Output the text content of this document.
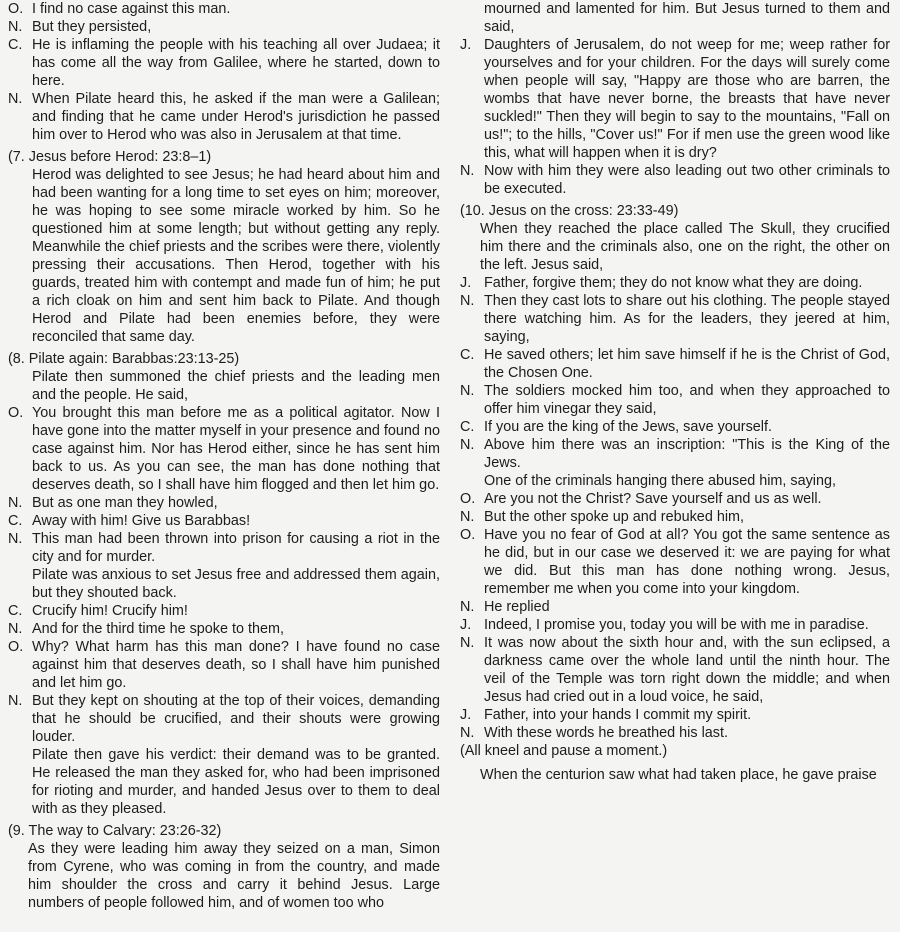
O. I find no case against this man.
N. But they persisted,
C. He is inflaming the people with his teaching all over Judaea; it has come all the way from Galilee, where he started, down to here.
N. When Pilate heard this, he asked if the man were a Galilean; and finding that he came under Herod's jurisdiction he passed him over to Herod who was also in Jerusalem at that time.
(7. Jesus before Herod: 23:8–1)
Herod was delighted to see Jesus; he had heard about him and had been wanting for a long time to set eyes on him; moreover, he was hoping to see some miracle worked by him. So he questioned him at some length; but without getting any reply. Meanwhile the chief priests and the scribes were there, violently pressing their accusations. Then Herod, together with his guards, treated him with contempt and made fun of him; he put a rich cloak on him and sent him back to Pilate. And though Herod and Pilate had been enemies before, they were reconciled that same day.
(8. Pilate again: Barabbas:23:13-25)
Pilate then summoned the chief priests and the leading men and the people. He said,
O. You brought this man before me as a political agitator. Now I have gone into the matter myself in your presence and found no case against him. Nor has Herod either, since he has sent him back to us. As you can see, the man has done nothing that deserves death, so I shall have him flogged and then let him go.
N. But as one man they howled,
C. Away with him! Give us Barabbas!
N. This man had been thrown into prison for causing a riot in the city and for murder.
Pilate was anxious to set Jesus free and addressed them again, but they shouted back.
C. Crucify him! Crucify him!
N. And for the third time he spoke to them,
O. Why? What harm has this man done? I have found no case against him that deserves death, so I shall have him punished and let him go.
N. But they kept on shouting at the top of their voices, demanding that he should be crucified, and their shouts were growing louder.
Pilate then gave his verdict: their demand was to be granted. He released the man they asked for, who had been imprisoned for rioting and murder, and handed Jesus over to them to deal with as they pleased.
(9. The way to Calvary: 23:26-32)
As they were leading him away they seized on a man, Simon from Cyrene, who was coming in from the country, and made him shoulder the cross and carry it behind Jesus. Large numbers of people followed him, and of women too who
mourned and lamented for him. But Jesus turned to them and said,
J. Daughters of Jerusalem, do not weep for me; weep rather for yourselves and for your children. For the days will surely come when people will say, "Happy are those who are barren, the wombs that have never borne, the breasts that have never suckled!" Then they will begin to say to the mountains, "Fall on us!"; to the hills, "Cover us!" For if men use the green wood like this, what will happen when it is dry?
N. Now with him they were also leading out two other criminals to be executed.
(10. Jesus on the cross: 23:33-49)
When they reached the place called The Skull, they crucified him there and the criminals also, one on the right, the other on the left. Jesus said,
J. Father, forgive them; they do not know what they are doing.
N. Then they cast lots to share out his clothing. The people stayed there watching him. As for the leaders, they jeered at him, saying,
C. He saved others; let him save himself if he is the Christ of God, the Chosen One.
N. The soldiers mocked him too, and when they approached to offer him vinegar they said,
C. If you are the king of the Jews, save yourself.
N. Above him there was an inscription: "This is the King of the Jews.
One of the criminals hanging there abused him, saying,
O. Are you not the Christ? Save yourself and us as well.
N. But the other spoke up and rebuked him,
O. Have you no fear of God at all? You got the same sentence as he did, but in our case we deserved it: we are paying for what we did. But this man has done nothing wrong. Jesus, remember me when you come into your kingdom.
N. He replied
J. Indeed, I promise you, today you will be with me in paradise.
N. It was now about the sixth hour and, with the sun eclipsed, a darkness came over the whole land until the ninth hour. The veil of the Temple was torn right down the middle; and when Jesus had cried out in a loud voice, he said,
J. Father, into your hands I commit my spirit.
N. With these words he breathed his last.
(All kneel and pause a moment.)
When the centurion saw what had taken place, he gave praise
